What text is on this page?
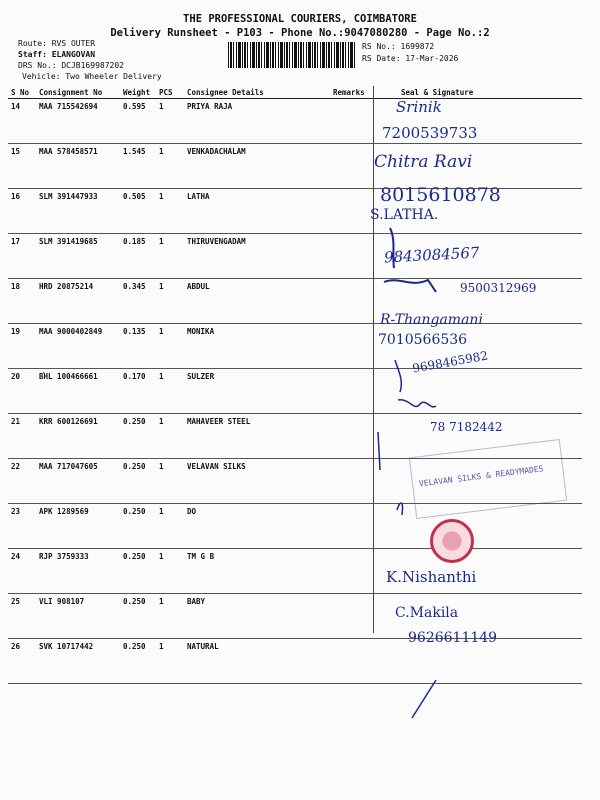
THE PROFESSIONAL COURIERS, COIMBATORE
Delivery Runsheet - P103 - Phone No.:9047080280 - Page No.:2
Route: RVS OUTER
Staff: ELANGOVAN
DRS No.: DCJB169987202
Vehicle: Two Wheeler Delivery
RS No.: 1699872
RS Date: 17-Mar-2026
S No	Consignment No	Weight	PCS	Consignee Details	Remarks	Seal & Signature
14	MAA 715542694	0.595	1	PRIYA RAJA		
15	MAA 578458571	1.545	1	VENKADACHALAM		
16	SLM 391447933	0.505	1	LATHA		
17	SLM 391419685	0.185	1	THIRUVENGADAM		
18	HRD 20875214	0.345	1	ABDUL		
19	MAA 9000402849	0.135	1	MONIKA		
20	BHL 100466661	0.170	1	SULZER		
21	KRR 600126691	0.250	1	MAHAVEER STEEL		
22	MAA 717047605	0.250	1	VELAVAN SILKS		
23	APK 1289569	0.250	1	DO		
24	RJP 3759333	0.250	1	TM G B		
25	VLI 908107	0.250	1	BABY		
26	SVK 10717442	0.250	1	NATURAL		
Srinik
7200539733
Chitra Ravi
8015610878
S.LATHA.
9843084567
9500312969
R-Thangamani
7010566536
9698465982
78 7182442
VELAVAN SILKS & READYMADES
K.Nishanthi
C.Makila
9626611149
